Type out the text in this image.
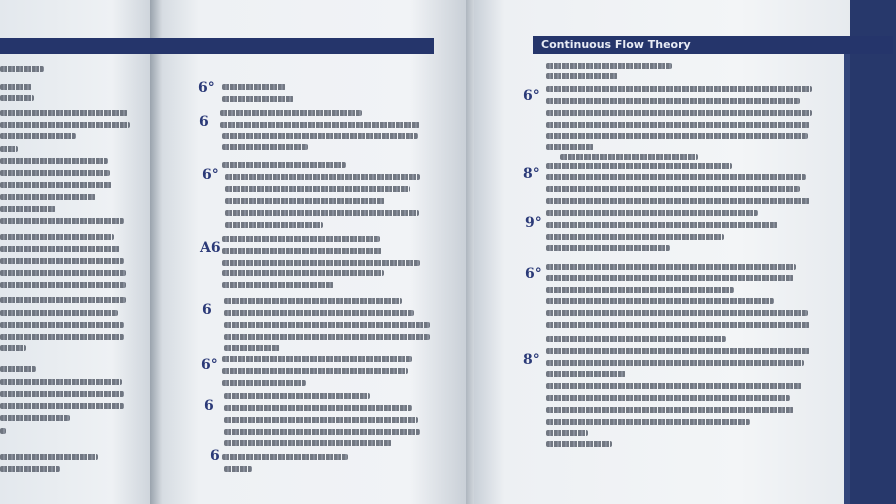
Continuous Flow Theory
6°
6
6°
A6
6
6°
6
6
6°
8°
9°
6°
8°
